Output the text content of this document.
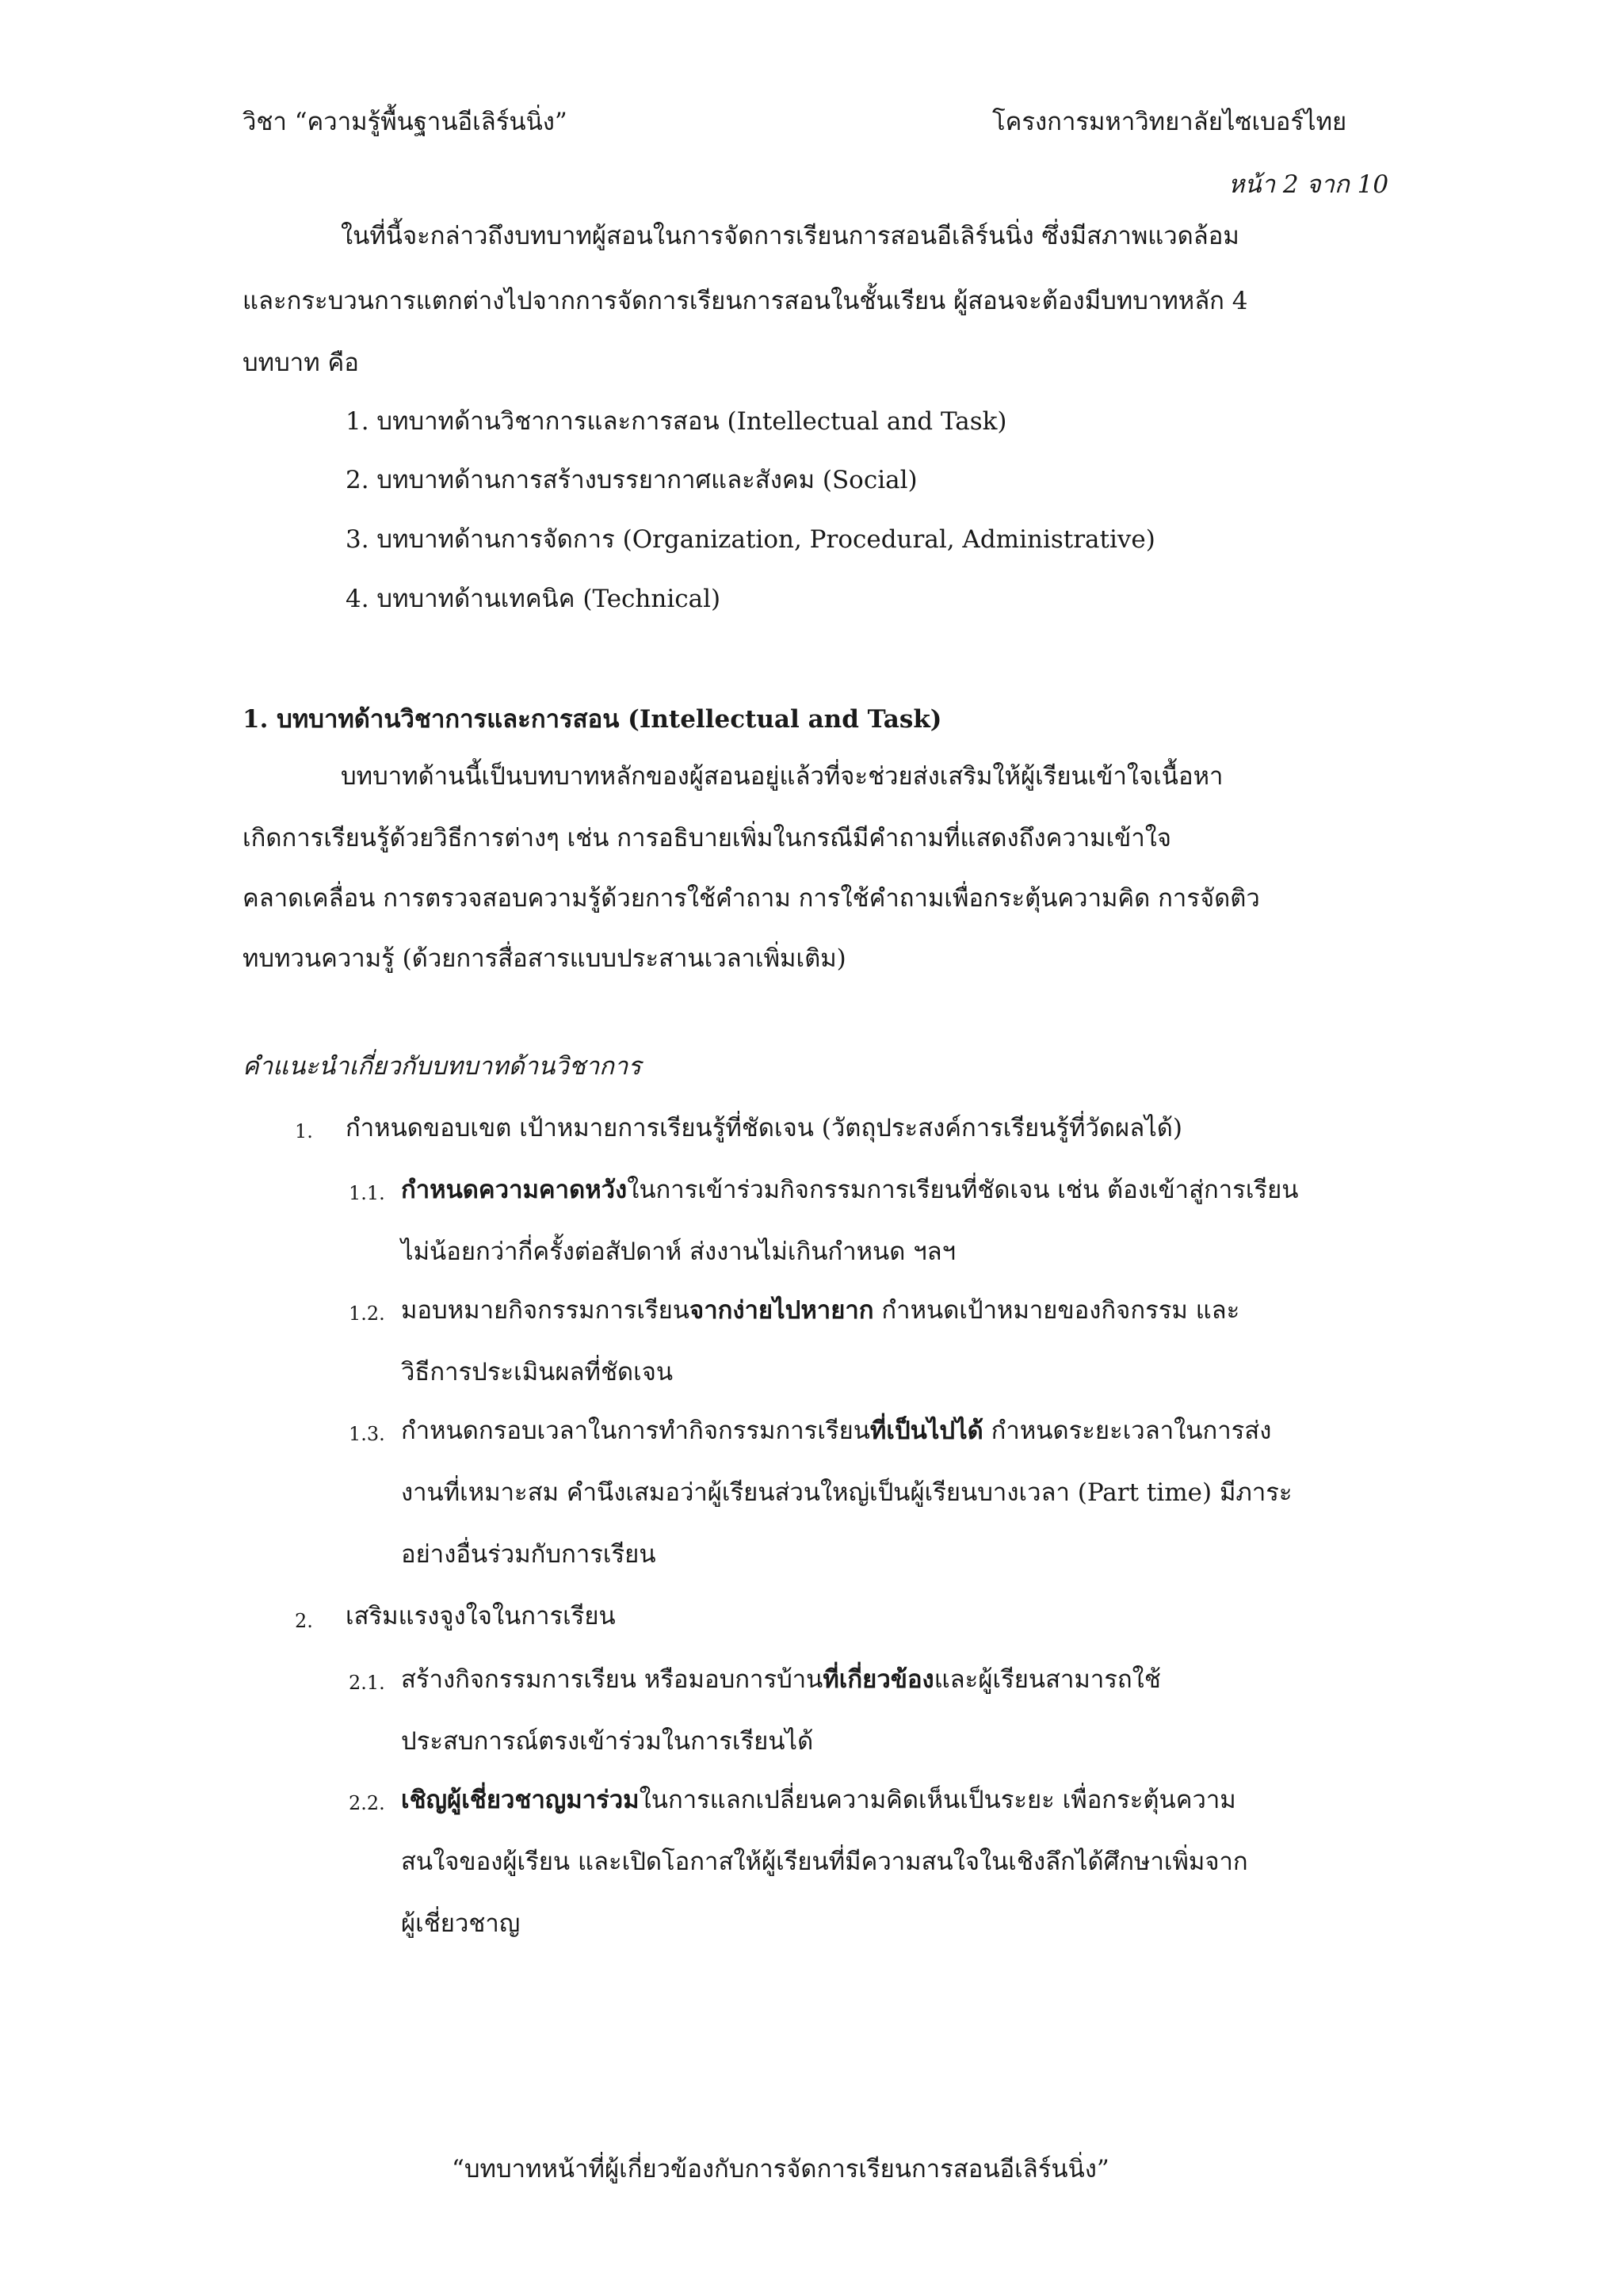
วิชา “ความรู้พื้นฐานอีเลิร์นนิ่ง”	โครงการมหาวิทยาลัยไซเบอร์ไทย
หน้า 2 จาก 10
ในที่นี้จะกล่าวถึงบทบาทผู้สอนในการจัดการเรียนการสอนอีเลิร์นนิ่ง ซึ่งมีสภาพแวดล้อม
และกระบวนการแตกต่างไปจากการจัดการเรียนการสอนในชั้นเรียน ผู้สอนจะต้องมีบทบาทหลัก 4
บทบาท คือ
1. บทบาทด้านวิชาการและการสอน (Intellectual and Task)
2. บทบาทด้านการสร้างบรรยากาศและสังคม (Social)
3. บทบาทด้านการจัดการ (Organization, Procedural, Administrative)
4. บทบาทด้านเทคนิค (Technical)
1. บทบาทด้านวิชาการและการสอน (Intellectual and Task)
บทบาทด้านนี้เป็นบทบาทหลักของผู้สอนอยู่แล้วที่จะช่วยส่งเสริมให้ผู้เรียนเข้าใจเนื้อหา
เกิดการเรียนรู้ด้วยวิธีการต่างๆ เช่น การอธิบายเพิ่มในกรณีมีคำถามที่แสดงถึงความเข้าใจ
คลาดเคลื่อน การตรวจสอบความรู้ด้วยการใช้คำถาม การใช้คำถามเพื่อกระตุ้นความคิด การจัดติว
ทบทวนความรู้ (ด้วยการสื่อสารแบบประสานเวลาเพิ่มเติม)
คำแนะนำเกี่ยวกับบทบาทด้านวิชาการ
1. กำหนดขอบเขต เป้าหมายการเรียนรู้ที่ชัดเจน (วัตถุประสงค์การเรียนรู้ที่วัดผลได้)
1.1. กำหนดความคาดหวังในการเข้าร่วมกิจกรรมการเรียนที่ชัดเจน เช่น ต้องเข้าสู่การเรียน
ไม่น้อยกว่ากี่ครั้งต่อสัปดาห์ ส่งงานไม่เกินกำหนด ฯลฯ
1.2. มอบหมายกิจกรรมการเรียนจากง่ายไปหายาก กำหนดเป้าหมายของกิจกรรม และ
วิธีการประเมินผลที่ชัดเจน
1.3. กำหนดกรอบเวลาในการทำกิจกรรมการเรียนที่เป็นไปได้ กำหนดระยะเวลาในการส่ง
งานที่เหมาะสม คำนึงเสมอว่าผู้เรียนส่วนใหญ่เป็นผู้เรียนบางเวลา (Part time) มีภาระ
อย่างอื่นร่วมกับการเรียน
2. เสริมแรงจูงใจในการเรียน
2.1. สร้างกิจกรรมการเรียน หรือมอบการบ้านที่เกี่ยวข้องและผู้เรียนสามารถใช้
ประสบการณ์ตรงเข้าร่วมในการเรียนได้
2.2. เชิญผู้เชี่ยวชาญมาร่วมในการแลกเปลี่ยนความคิดเห็นเป็นระยะ เพื่อกระตุ้นความ
สนใจของผู้เรียน และเปิดโอกาสให้ผู้เรียนที่มีความสนใจในเชิงลึกได้ศึกษาเพิ่มจาก
ผู้เชี่ยวชาญ
“บทบาทหน้าที่ผู้เกี่ยวข้องกับการจัดการเรียนการสอนอีเลิร์นนิ่ง”
